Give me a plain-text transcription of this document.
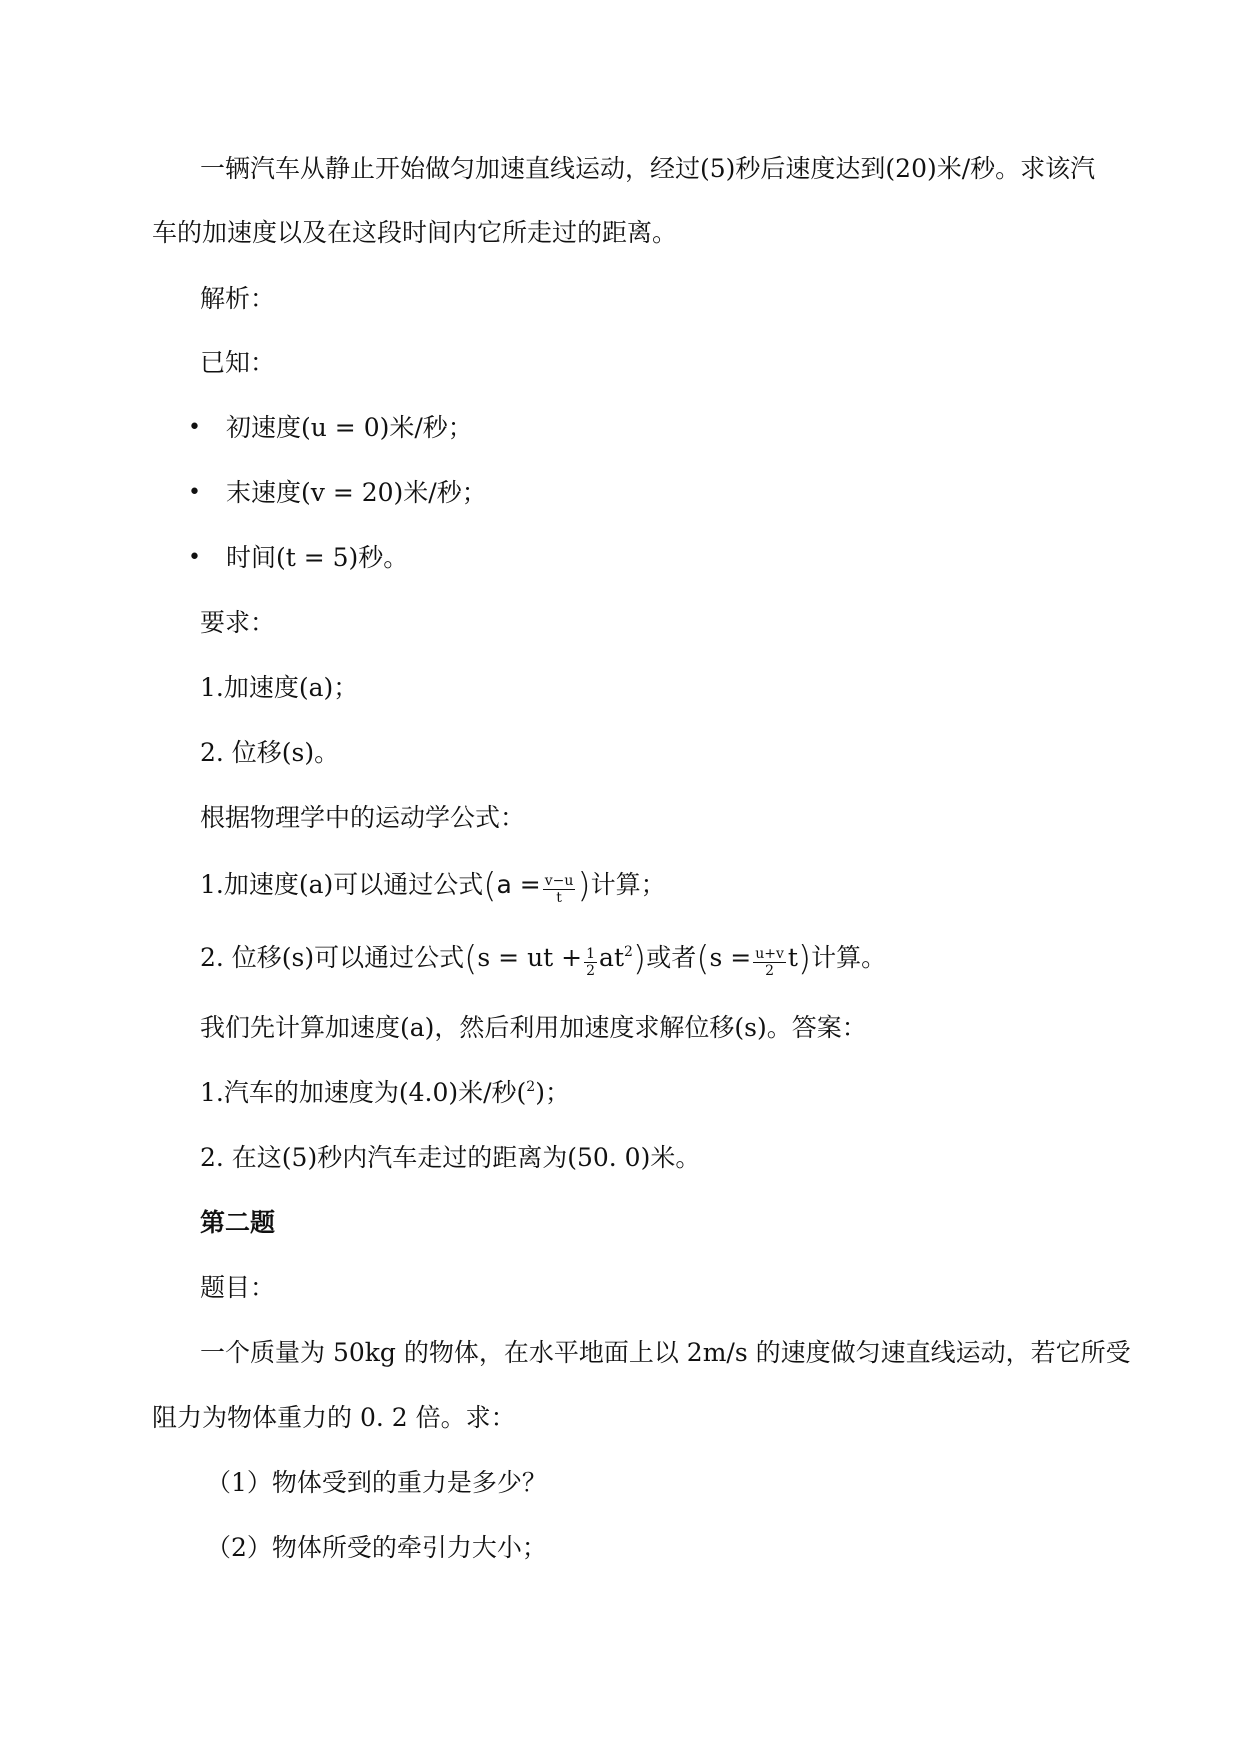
一辆汽车从静止开始做匀加速直线运动，经过(5)秒后速度达到(20)米/秒。求该汽
车的加速度以及在这段时间内它所走过的距离。
解析：
已知：
• 初速度(u = 0)米/秒；
• 末速度(v = 20)米/秒；
• 时间(t = 5)秒。
要求：
1.加速度(a)；
2. 位移(s)。
根据物理学中的运动学公式：
1.加速度(a)可以通过公式($a = \frac{v-u}{t}$ )计算；
2. 位移(s)可以通过公式(s = ut + $\frac{1}{2} at^2$)或者$(s = \frac{u+v}{2} t)$计算。
我们先计算加速度(a)，然后利用加速度求解位移(s)。答案：
1.汽车的加速度为(4.0)米/秒($^2$)；
2. 在这(5)秒内汽车走过的距离为(50. 0)米。
第二题
题目：
一个质量为 50kg 的物体，在水平地面上以 2m/s 的速度做匀速直线运动，若它所受
阻力为物体重力的 0. 2 倍。求：
（1）物体受到的重力是多少？
（2）物体所受的牵引力大小；
